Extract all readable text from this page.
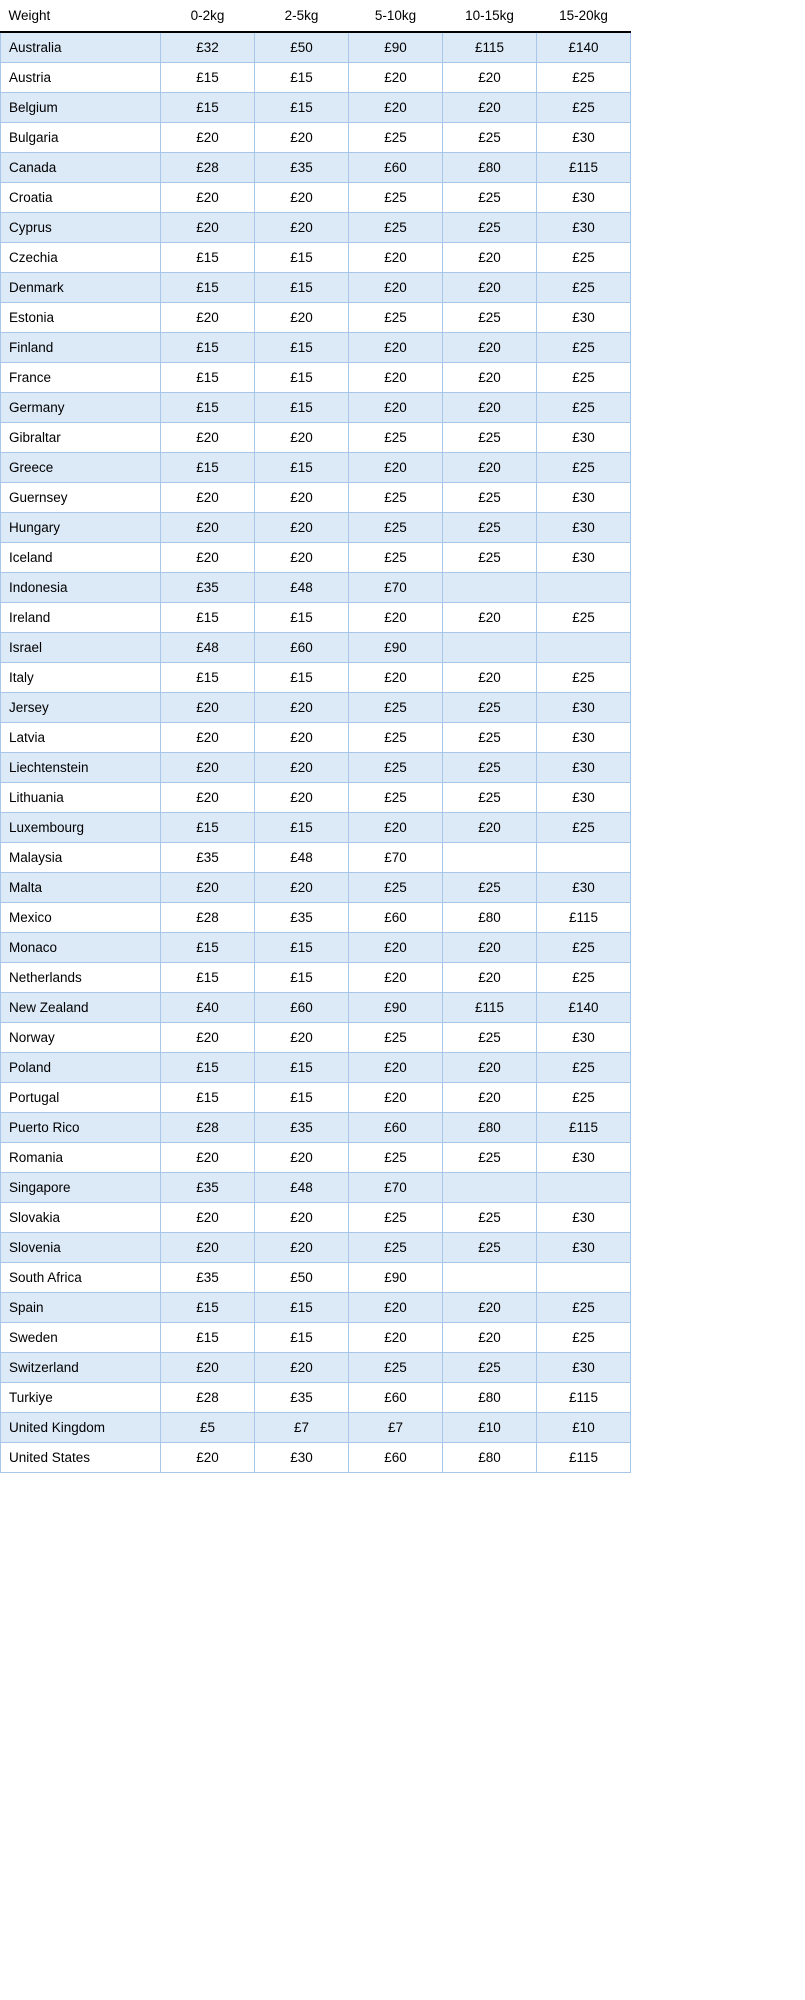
Weight	0-2kg	2-5kg	5-10kg	10-15kg	15-20kg
Australia	£32	£50	£90	£115	£140
Austria	£15	£15	£20	£20	£25
Belgium	£15	£15	£20	£20	£25
Bulgaria	£20	£20	£25	£25	£30
Canada	£28	£35	£60	£80	£115
Croatia	£20	£20	£25	£25	£30
Cyprus	£20	£20	£25	£25	£30
Czechia	£15	£15	£20	£20	£25
Denmark	£15	£15	£20	£20	£25
Estonia	£20	£20	£25	£25	£30
Finland	£15	£15	£20	£20	£25
France	£15	£15	£20	£20	£25
Germany	£15	£15	£20	£20	£25
Gibraltar	£20	£20	£25	£25	£30
Greece	£15	£15	£20	£20	£25
Guernsey	£20	£20	£25	£25	£30
Hungary	£20	£20	£25	£25	£30
Iceland	£20	£20	£25	£25	£30
Indonesia	£35	£48	£70		
Ireland	£15	£15	£20	£20	£25
Israel	£48	£60	£90		
Italy	£15	£15	£20	£20	£25
Jersey	£20	£20	£25	£25	£30
Latvia	£20	£20	£25	£25	£30
Liechtenstein	£20	£20	£25	£25	£30
Lithuania	£20	£20	£25	£25	£30
Luxembourg	£15	£15	£20	£20	£25
Malaysia	£35	£48	£70		
Malta	£20	£20	£25	£25	£30
Mexico	£28	£35	£60	£80	£115
Monaco	£15	£15	£20	£20	£25
Netherlands	£15	£15	£20	£20	£25
New Zealand	£40	£60	£90	£115	£140
Norway	£20	£20	£25	£25	£30
Poland	£15	£15	£20	£20	£25
Portugal	£15	£15	£20	£20	£25
Puerto Rico	£28	£35	£60	£80	£115
Romania	£20	£20	£25	£25	£30
Singapore	£35	£48	£70		
Slovakia	£20	£20	£25	£25	£30
Slovenia	£20	£20	£25	£25	£30
South Africa	£35	£50	£90		
Spain	£15	£15	£20	£20	£25
Sweden	£15	£15	£20	£20	£25
Switzerland	£20	£20	£25	£25	£30
Turkiye	£28	£35	£60	£80	£115
United Kingdom	£5	£7	£7	£10	£10
United States	£20	£30	£60	£80	£115
